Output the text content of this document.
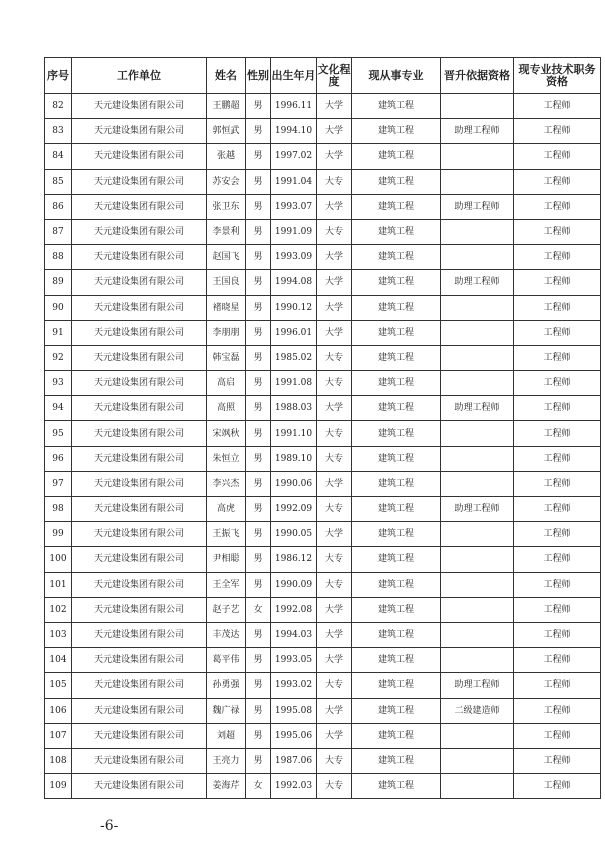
序号	工作单位	姓名	性别	出生年月	文化程度	现从事专业	晋升依据资格	现专业技术职务资格
82	天元建设集团有限公司	王鹏超	男	1996.11	大学	建筑工程		工程师
83	天元建设集团有限公司	郭恒武	男	1994.10	大学	建筑工程	助理工程师	工程师
84	天元建设集团有限公司	张越	男	1997.02	大学	建筑工程		工程师
85	天元建设集团有限公司	苏安会	男	1991.04	大专	建筑工程		工程师
86	天元建设集团有限公司	张卫东	男	1993.07	大学	建筑工程	助理工程师	工程师
87	天元建设集团有限公司	李景利	男	1991.09	大专	建筑工程		工程师
88	天元建设集团有限公司	赵国飞	男	1993.09	大学	建筑工程		工程师
89	天元建设集团有限公司	王国良	男	1994.08	大学	建筑工程	助理工程师	工程师
90	天元建设集团有限公司	褚晓星	男	1990.12	大学	建筑工程		工程师
91	天元建设集团有限公司	李朋朋	男	1996.01	大学	建筑工程		工程师
92	天元建设集团有限公司	韩宝磊	男	1985.02	大专	建筑工程		工程师
93	天元建设集团有限公司	高启	男	1991.08	大专	建筑工程		工程师
94	天元建设集团有限公司	高照	男	1988.03	大学	建筑工程	助理工程师	工程师
95	天元建设集团有限公司	宋飒秋	男	1991.10	大专	建筑工程		工程师
96	天元建设集团有限公司	朱恒立	男	1989.10	大专	建筑工程		工程师
97	天元建设集团有限公司	李兴杰	男	1990.06	大学	建筑工程		工程师
98	天元建设集团有限公司	高虎	男	1992.09	大专	建筑工程	助理工程师	工程师
99	天元建设集团有限公司	王振飞	男	1990.05	大学	建筑工程		工程师
100	天元建设集团有限公司	尹相聪	男	1986.12	大专	建筑工程		工程师
101	天元建设集团有限公司	王全军	男	1990.09	大专	建筑工程		工程师
102	天元建设集团有限公司	赵子艺	女	1992.08	大学	建筑工程		工程师
103	天元建设集团有限公司	丰茂达	男	1994.03	大学	建筑工程		工程师
104	天元建设集团有限公司	葛平伟	男	1993.05	大学	建筑工程		工程师
105	天元建设集团有限公司	孙勇强	男	1993.02	大专	建筑工程	助理工程师	工程师
106	天元建设集团有限公司	魏广禄	男	1995.08	大学	建筑工程	二级建造师	工程师
107	天元建设集团有限公司	刘超	男	1995.06	大学	建筑工程		工程师
108	天元建设集团有限公司	王亮力	男	1987.06	大专	建筑工程		工程师
109	天元建设集团有限公司	姜海芹	女	1992.03	大专	建筑工程		工程师
-6-
